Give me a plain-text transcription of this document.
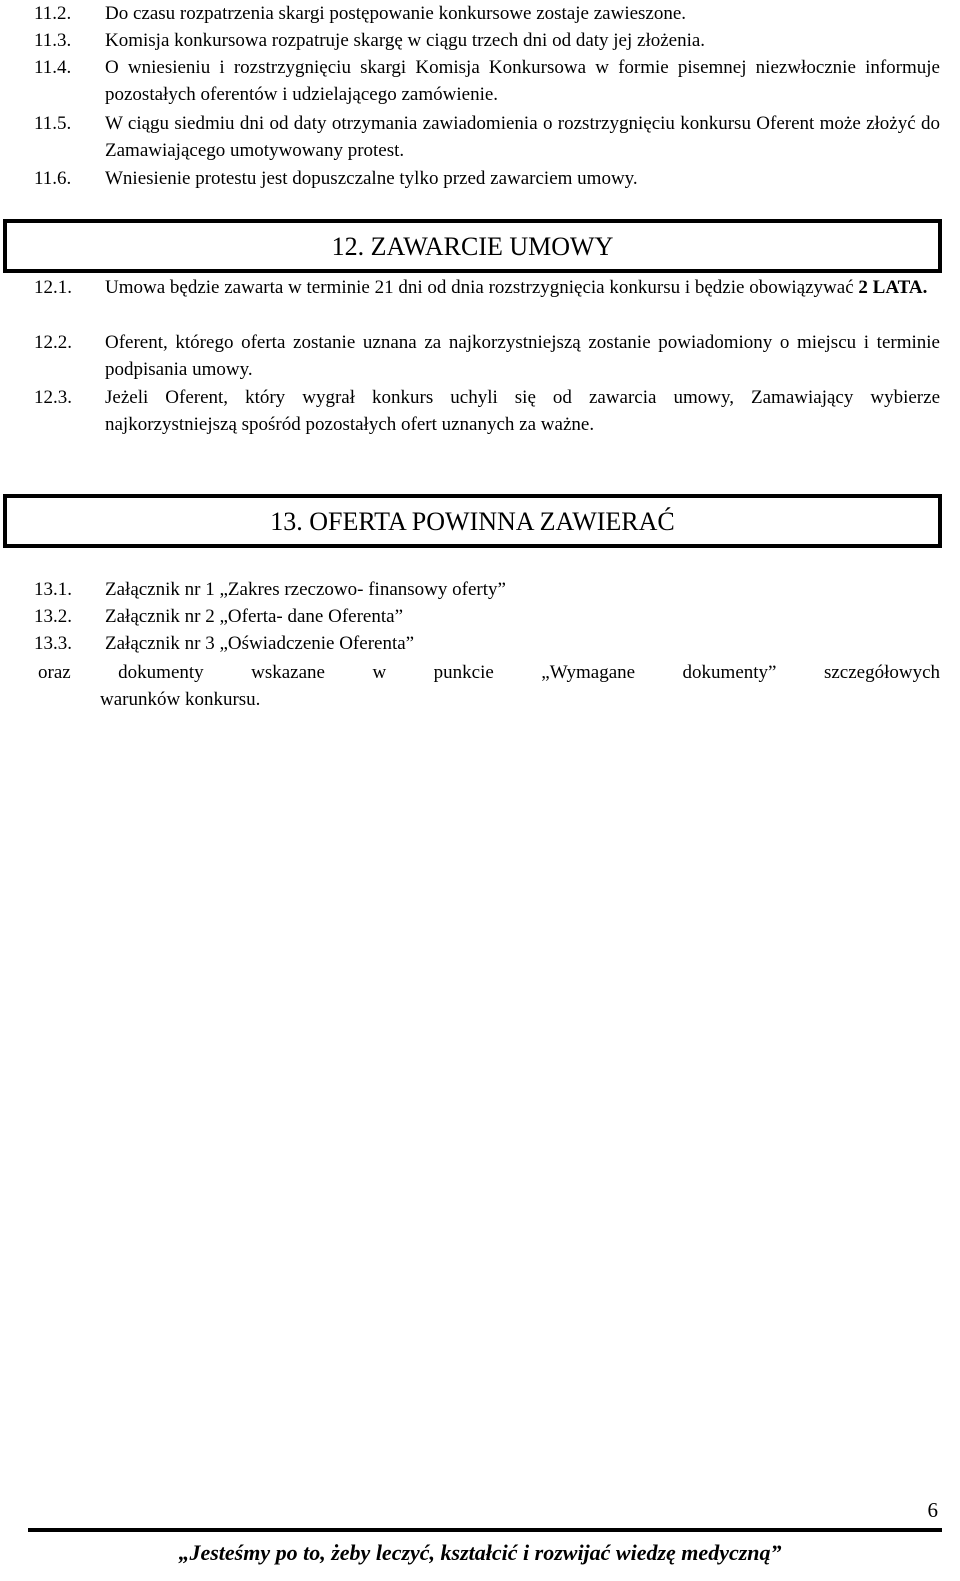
11.2.	Do czasu rozpatrzenia skargi postępowanie konkursowe zostaje zawieszone.
11.3.	Komisja konkursowa rozpatruje skargę w ciągu trzech dni od daty jej złożenia.
11.4.	O wniesieniu i rozstrzygnięciu skargi Komisja Konkursowa w formie pisemnej niezwłocznie informuje pozostałych oferentów i udzielającego zamówienie.
11.5.	W ciągu siedmiu dni od daty otrzymania zawiadomienia o rozstrzygnięciu konkursu Oferent może złożyć do Zamawiającego umotywowany protest.
11.6.	Wniesienie protestu jest dopuszczalne tylko przed zawarciem umowy.
12. ZAWARCIE UMOWY
12.1.	Umowa będzie zawarta w terminie 21 dni od dnia rozstrzygnięcia konkursu i będzie obowiązywać 2 LATA.
12.2.	Oferent, którego oferta zostanie uznana za najkorzystniejszą zostanie powiadomiony o miejscu i terminie podpisania umowy.
12.3.	Jeżeli Oferent, który wygrał konkurs uchyli się od zawarcia umowy, Zamawiający wybierze najkorzystniejszą spośród pozostałych ofert uznanych za ważne.
13. OFERTA POWINNA ZAWIERAĆ
13.1.	Załącznik nr 1 „Zakres rzeczowo- finansowy oferty”
13.2.	Załącznik nr 2 „Oferta- dane Oferenta”
13.3.	Załącznik nr 3 „Oświadczenie Oferenta”
oraz dokumenty wskazane w punkcie „Wymagane dokumenty” szczegółowych
warunków konkursu.
6
„Jesteśmy po to, żeby leczyć, kształcić i rozwijać wiedzę medyczną”
